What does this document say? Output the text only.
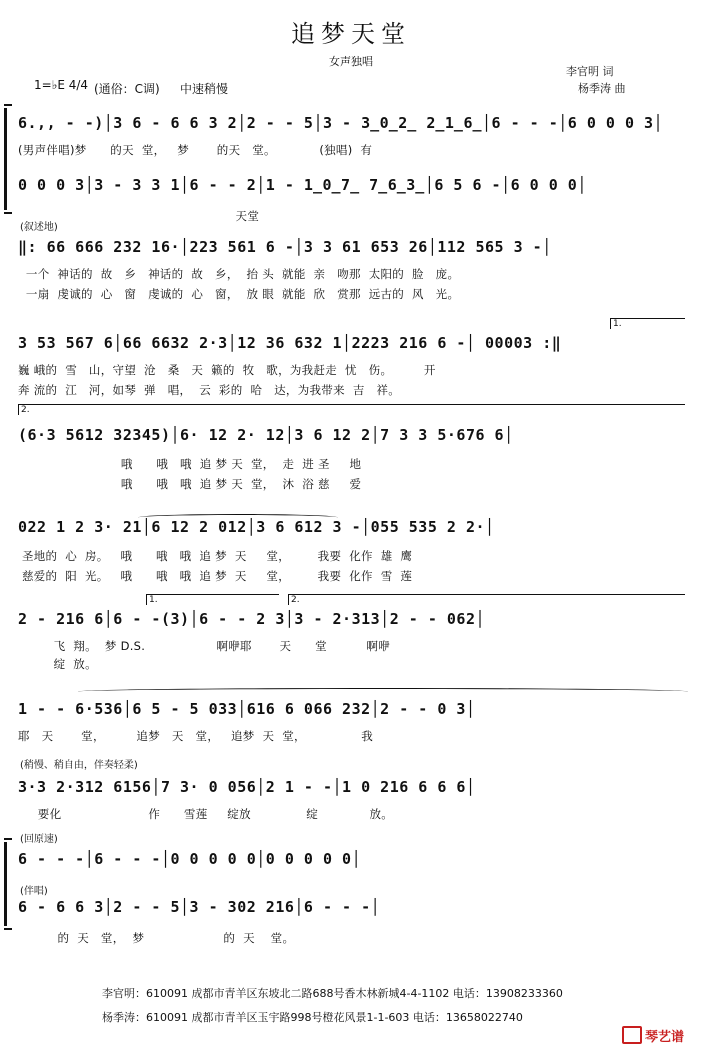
追梦天堂
女声独唱
李官明 词
杨季涛 曲
1=♭E 4/4 (通俗：C调) 中速稍慢
6.,, - -)│3 6 - 6 6 3 2│2 - - 5│3 - 3̲0̲2̲ 2̲1̲6̲│6 - - -│6 0 0 0 3│
(男声伴唱)梦      的天  堂，   梦       的天   堂。           (独唱)  有
0 0 0 3│3 - 3 3 1│6 - - 2│1 - 1̲0̲7̲ 7̲6̲3̲│6 5 6 -│6 0 0 0│
天堂
(叙述地)
‖: 66 666 232 16·│223 561 6 -│3 3 61 653 26│112 565 3 -│
一个  神话的  故   乡   神话的  故   乡，  抬 头  就能  亲   吻那  太阳的  脸   庞。
一扇  虔诚的  心   窗   虔诚的  心   窗，  放 眼  就能  欣   赏那  远古的  风   光。
1.
3 53 567 6│66 6632 2·3│12 36 632 1│2223 216 6 -│ 00003 :‖
巍 峨的  雪   山，守望  沧   桑   天  籁的  牧   歌，为我赶走  忧   伤。        开
奔 流的  江   河，如琴  弹   唱，  云  彩的  哈   达，为我带来  吉   祥。
2.
(6·3 5612 32345)│6· 12 2· 12│3 6 12 2│7 3 3 5·676 6│
哦      哦   哦  追 梦 天  堂，  走  进 圣     地
哦      哦   哦  追 梦 天  堂，  沐  浴 慈     爱
022 1 2 3· 21│6 12 2 012│3 6 612 3 -│055 535 2 2·│
圣地的  心  房。   哦      哦   哦  追 梦  天     堂，       我要  化作  雄  鹰
慈爱的  阳  光。   哦      哦   哦  追 梦  天     堂，       我要  化作  雪  莲
1.	2.
2 - 216 6│6 - -(3)│6 - - 2 3│3 - 2·313│2 - - 062│
飞  翔。  梦 D.S.                  啊咿耶       天      堂          啊咿
绽  放。
1 - - 6·536│6 5 - 5 033│616 6 066 232│2 - - 0 3│
耶   天       堂，        追梦   天   堂，   追梦  天  堂，              我
(稍慢、稍自由，伴奏轻柔)
3·3 2·312 6156│7 3· 0 056│2 1 - -│1 0 216 6 6 6│
要化                      作      雪莲     绽放              绽             放。
(回原速)
6 - - -│6 - - -│0 0 0 0 0│0 0 0 0 0│
(伴唱)
6 - 6 6 3│2 - - 5│3 - 302 216│6 - - -│
的  天   堂，  梦                    的  天    堂。
李官明：610091 成都市青羊区东坡北二路688号香木林新城4-4-1102 电话：13908233360
杨季涛：610091 成都市青羊区玉宇路998号橙花风景1-1-603 电话：13658022740
琴艺谱
